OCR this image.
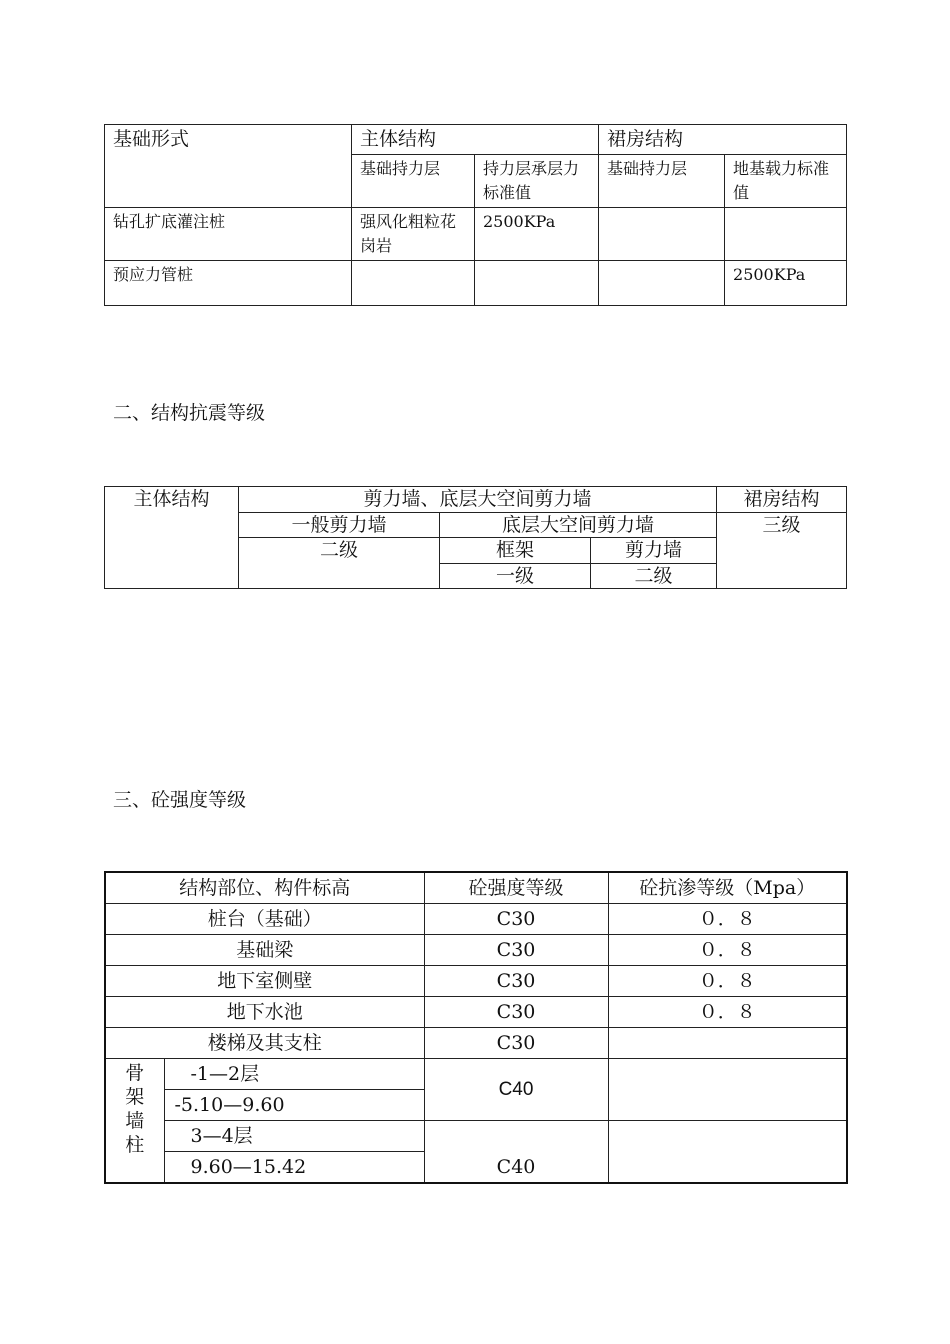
基础形式	主体结构		裙房结构	
	基础持力层	持力层承层力标准值	基础持力层	地基载力标准值
钻孔扩底灌注桩	强风化粗粒花岗岩	2500KPa		
预应力管桩				2500KPa
二、结构抗震等级
主体结构	剪力墙、底层大空间剪力墙			裙房结构
	一般剪力墙	底层大空间剪力墙		三级
	二级	框架	剪力墙	
		一级	二级	
三、砼强度等级
结构部位、构件标高		砼强度等级	砼抗渗等级（Mpa）
桩台（基础）		C30	０．８
基础梁		C30	０．８
地下室侧壁		C30	０．８
地下水池		C30	０．８
楼梯及其支柱		C30	

骨架墙柱	-1—2层	C40	
	-5.10—9.60		
	3—4层	C40	
	9.60—15.42		
